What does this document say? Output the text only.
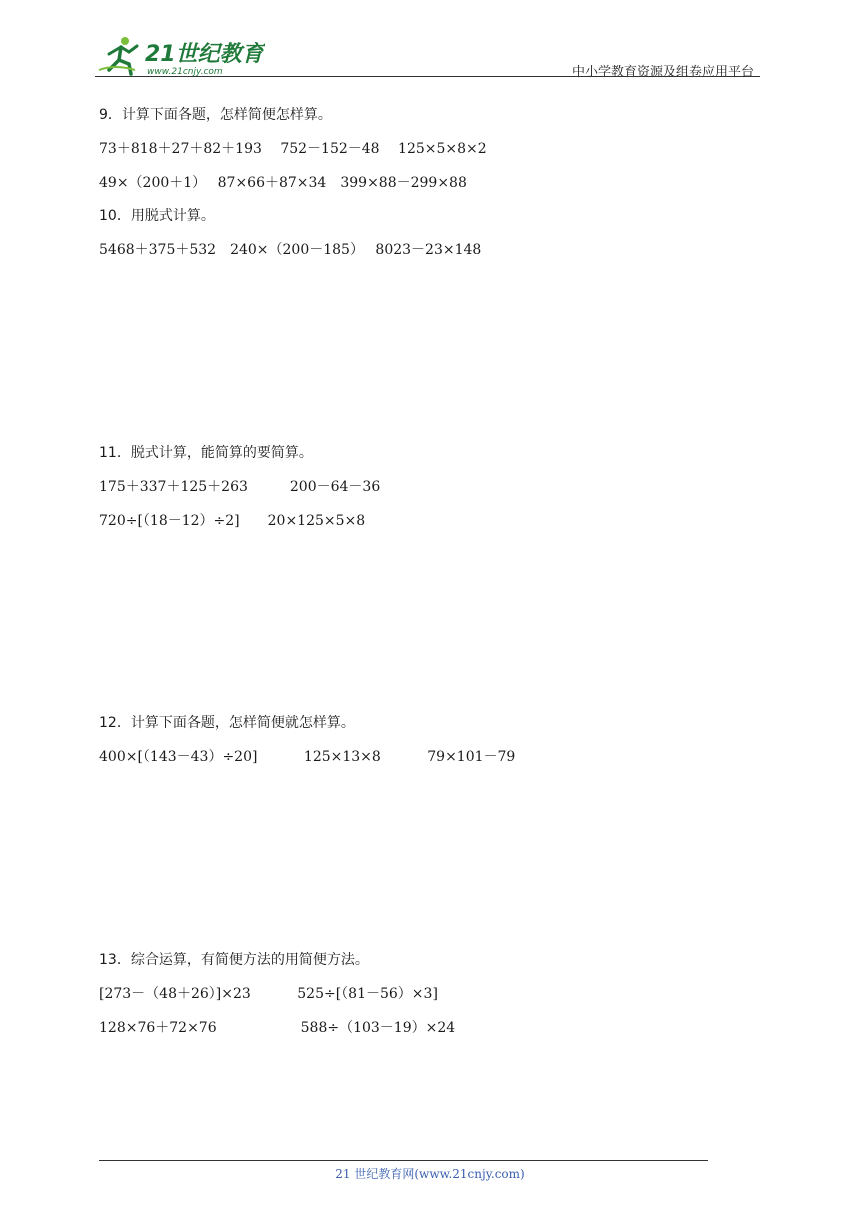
21世纪教育
www.21cnjy.com	中小学教育资源及组卷应用平台
9．计算下面各题，怎样简便怎样算。
73＋818＋27＋82＋193　 752－152－48　 125×5×8×2
49×（200＋1）　 87×66＋87×34　399×88－299×88
10．用脱式计算。
5468＋375＋532　240×（200－185）　 8023－23×148
11．脱式计算，能简算的要简算。
175＋337＋125＋263　　　200－64－36
720÷[（18－12）÷2]　　20×125×5×8
12．计算下面各题，怎样简便就怎样算。
400×[（143－43）÷20]　　　 125×13×8　　　 79×101－79
13．综合运算，有简便方法的用简便方法。
[273－（48＋26）]×23　　　 525÷[（81－56）×3]
128×76＋72×76　　　　　　588÷（103－19）×24
21 世纪教育网(www.21cnjy.com)
